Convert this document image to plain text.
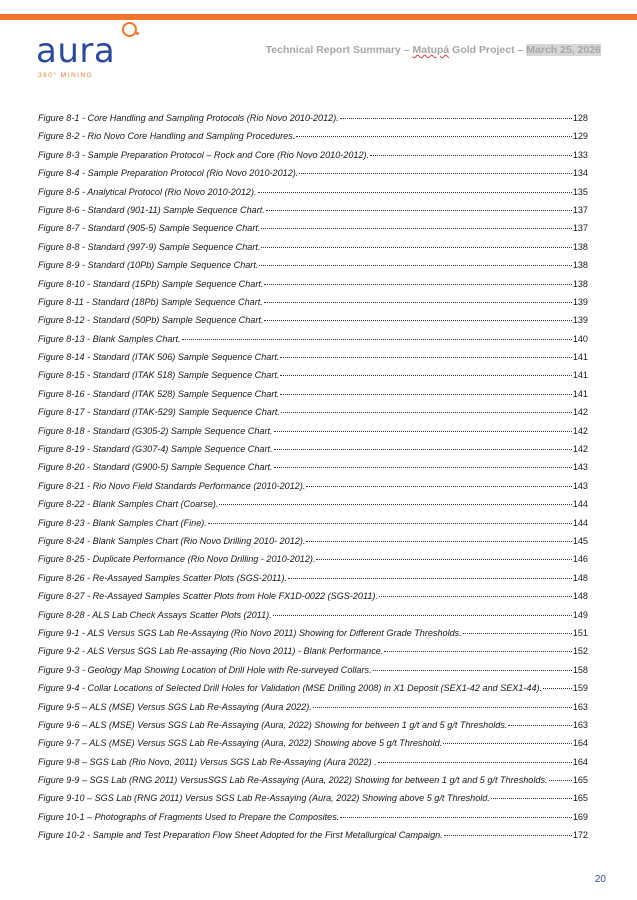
aura
360° MINING
Technical Report Summary – Matupá Gold Project – March 25, 2026
Figure 8-1 - Core Handling and Sampling Protocols (Rio Novo 2010-2012).	128
Figure 8-2 - Rio Novo Core Handling and Sampling Procedures.	129
Figure 8-3 - Sample Preparation Protocol – Rock and Core (Rio Novo 2010-2012).	133
Figure 8-4 - Sample Preparation Protocol (Rio Novo 2010-2012).	134
Figure 8-5 - Analytical Protocol (Rio Novo 2010-2012).	135
Figure 8-6 - Standard (901-11) Sample Sequence Chart.	137
Figure 8-7 - Standard (905-5) Sample Sequence Chart.	137
Figure 8-8 - Standard (997-9) Sample Sequence Chart.	138
Figure 8-9 - Standard (10Pb) Sample Sequence Chart.	138
Figure 8-10 - Standard (15Pb) Sample Sequence Chart.	138
Figure 8-11 - Standard (18Pb) Sample Sequence Chart.	139
Figure 8-12 - Standard (50Pb) Sample Sequence Chart.	139
Figure 8-13 - Blank Samples Chart.	140
Figure 8-14 - Standard (ITAK 506) Sample Sequence Chart.	141
Figure 8-15 - Standard (ITAK 518) Sample Sequence Chart.	141
Figure 8-16 - Standard (ITAK 528) Sample Sequence Chart.	141
Figure 8-17 - Standard (ITAK-529) Sample Sequence Chart.	142
Figure 8-18 - Standard (G305-2) Sample Sequence Chart.	142
Figure 8-19 - Standard (G307-4) Sample Sequence Chart.	142
Figure 8-20 - Standard (G900-5) Sample Sequence Chart.	143
Figure 8-21 - Rio Novo Field Standards Performance (2010-2012).	143
Figure 8-22 - Blank Samples Chart (Coarse).	144
Figure 8-23 - Blank Samples Chart (Fine).	144
Figure 8-24 - Blank Samples Chart (Rio Novo Drilling 2010- 2012).	145
Figure 8-25 - Duplicate Performance (Rio Novo Drilling - 2010-2012).	146
Figure 8-26 - Re-Assayed Samples Scatter Plots (SGS-2011).	148
Figure 8-27 - Re-Assayed Samples Scatter Plots from Hole FX1D-0022 (SGS-2011).	148
Figure 8-28 - ALS Lab Check Assays Scatter Plots (2011).	149
Figure 9-1 - ALS Versus SGS Lab Re-Assaying (Rio Novo 2011) Showing for Different Grade Thresholds.	151
Figure 9-2 - ALS Versus SGS Lab Re-assaying (Rio Novo 2011) - Blank Performance.	152
Figure 9-3 - Geology Map Showing Location of Drill Hole with Re-surveyed Collars.	158
Figure 9-4 - Collar Locations of Selected Drill Holes for Validation (MSE Drilling 2008) in X1 Deposit (SEX1-42 and SEX1-44).	159
Figure 9-5 – ALS (MSE) Versus SGS Lab Re-Assaying (Aura 2022).	163
Figure 9-6 – ALS (MSE) Versus SGS Lab Re-Assaying (Aura, 2022) Showing for between 1 g/t and 5 g/t Thresholds.	163
Figure 9-7 – ALS (MSE) Versus SGS Lab Re-Assaying (Aura, 2022) Showing above 5 g/t Threshold.	164
Figure 9-8 – SGS Lab (Rio Novo, 2011) Versus SGS Lab Re-Assaying (Aura 2022) .	164
Figure 9-9 – SGS Lab (RNG 2011) VersusSGS Lab Re-Assaying (Aura, 2022) Showing for between 1 g/t and 5 g/t Thresholds.	165
Figure 9-10 – SGS Lab (RNG 2011) Versus SGS Lab Re-Assaying (Aura, 2022) Showing above 5 g/t Threshold.	165
Figure 10-1 – Photographs of Fragments Used to Prepare the Composites.	169
Figure 10-2 - Sample and Test Preparation Flow Sheet Adopted for the First Metallurgical Campaign.	172
20
